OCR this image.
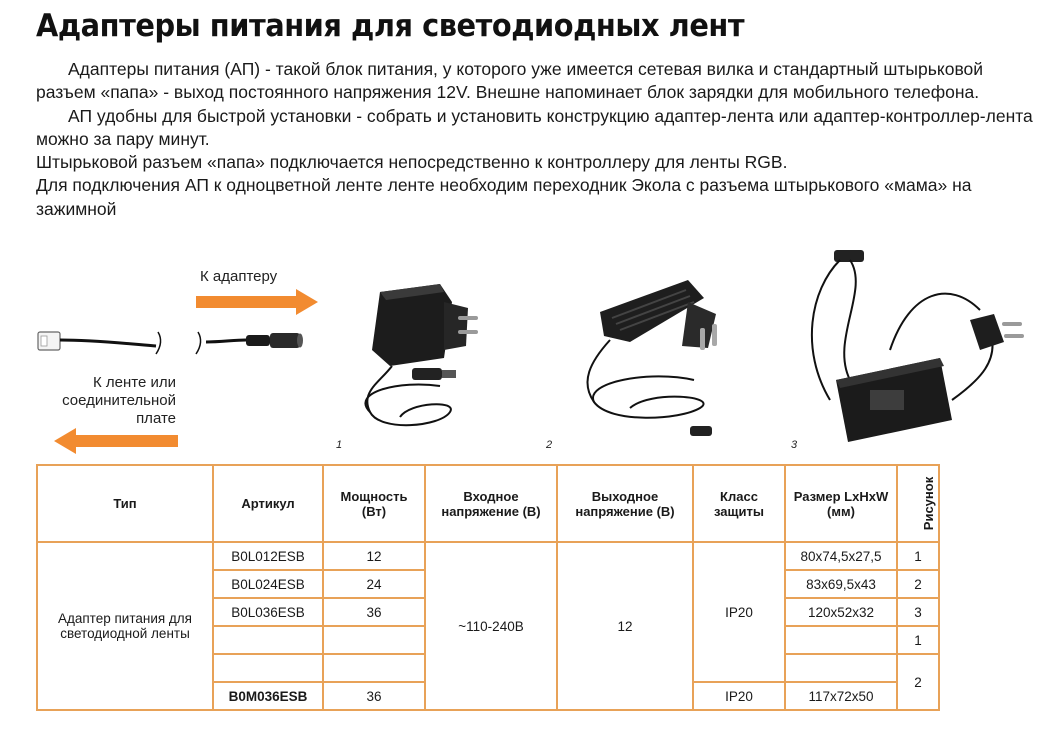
Адаптеры питания для светодиодных лент

Адаптеры питания (АП) - такой блок питания, у которого уже имеется сетевая вилка и стандартный штырьковой разъем «папа» - выход постоянного напряжения 12V. Внешне напоминает блок зарядки для мобильного телефона.

АП удобны для быстрой установки - собрать и установить конструкцию адаптер-лента или адаптер-контроллер-лента можно за пару минут.

Штырьковой разъем «папа» подключается непосредственно к контроллеру для ленты RGB.

Для подключения АП к одноцветной ленте ленте необходим переходник Экола с разъема штырькового «мама» на зажимной

К адаптеру
К ленте или
соединительной
плате
1	2	3
Тип	Артикул	Мощность (Вт)	Входное напряжение (В)	Выходное напряжение (В)	Класс защиты	Размер LxHxW (мм)	Рисунок
Адаптер питания для светодиодной ленты	B0L012ESB	12	~110-240В	12	IP20	80x74,5x27,5	1
	B0L024ESB	24				83x69,5x43	2
	B0L036ESB	36				120x52x32	3
							1
							2
	B0M036ESB	36			IP20	117x72x50	
